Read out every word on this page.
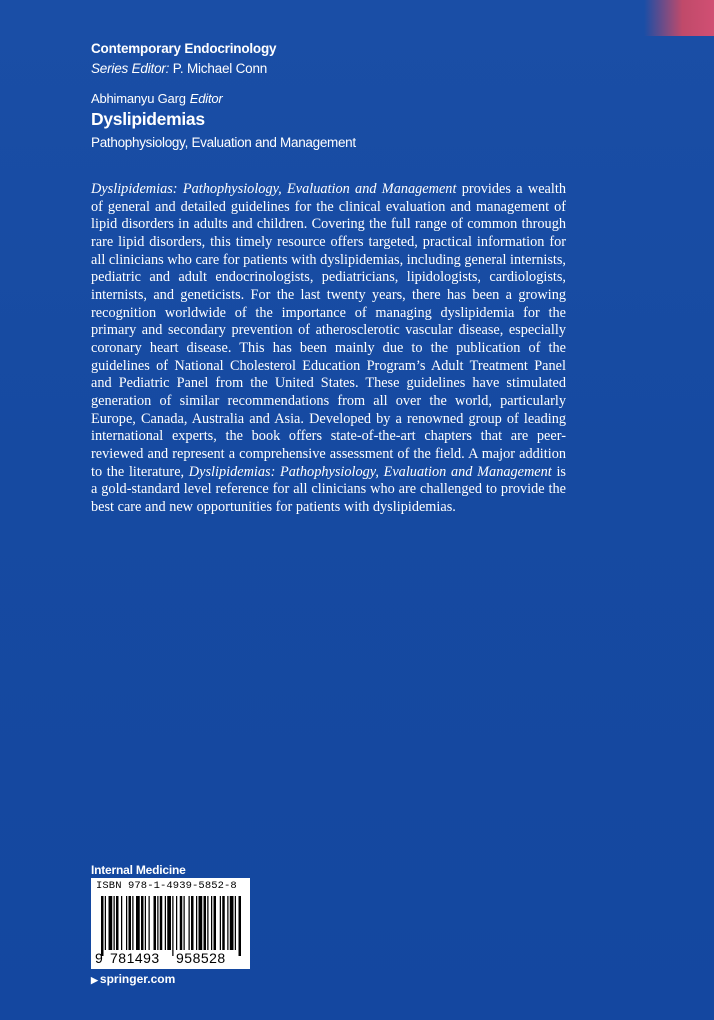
Contemporary Endocrinology
Series Editor: P. Michael Conn
Abhimanyu Garg Editor
Dyslipidemias
Pathophysiology, Evaluation and Management
Dyslipidemias: Pathophysiology, Evaluation and Management provides a wealth of general and detailed guidelines for the clinical evaluation and management of lipid disorders in adults and children. Covering the full range of common through rare lipid disorders, this timely resource offers targeted, practical information for all clinicians who care for patients with dyslipidemias, including general internists, pediatric and adult endocrinologists, pediatricians, lipidologists, cardiologists, internists, and geneticists. For the last twenty years, there has been a growing recognition worldwide of the importance of managing dyslipidemia for the primary and secondary prevention of atherosclerotic vascular disease, especially coronary heart disease. This has been mainly due to the publication of the guidelines of National Cholesterol Education Program’s Adult Treatment Panel and Pediatric Panel from the United States. These guidelines have stimulated generation of similar recommendations from all over the world, particularly Europe, Canada, Australia and Asia. Developed by a renowned group of leading international experts, the book offers state-of-the-art chapters that are peer-reviewed and represent a comprehensive assessment of the field. A major addition to the literature, Dyslipidemias: Pathophysiology, Evaluation and Management is a gold-standard level reference for all clinicians who are challenged to provide the best care and new opportunities for patients with dyslipidemias.
Internal Medicine
ISBN 978-1-4939-5852-8
9 781493 958528
▶ springer.com
